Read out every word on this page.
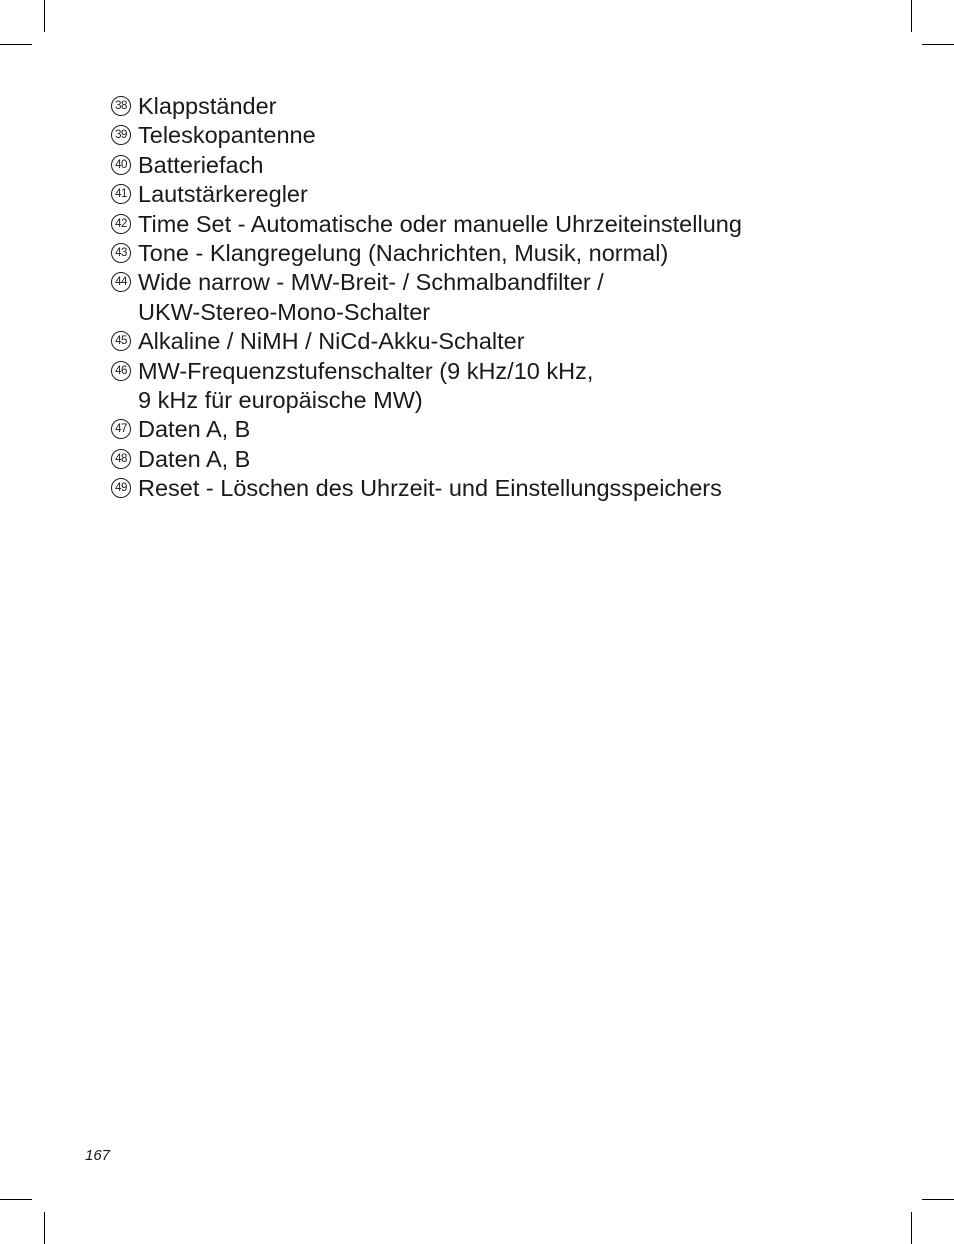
38 Klappständer
39 Teleskopantenne
40 Batteriefach
41 Lautstärkeregler
42 Time Set - Automatische oder manuelle Uhrzeiteinstellung
43 Tone - Klangregelung (Nachrichten, Musik, normal)
44 Wide narrow - MW-Breit- / Schmalbandfilter /
UKW-Stereo-Mono-Schalter
45 Alkaline / NiMH / NiCd-Akku-Schalter
46 MW-Frequenzstufenschalter (9 kHz/10 kHz,
9 kHz für europäische MW)
47 Daten A, B
48 Daten A, B
49 Reset - Löschen des Uhrzeit- und Einstellungsspeichers
167
